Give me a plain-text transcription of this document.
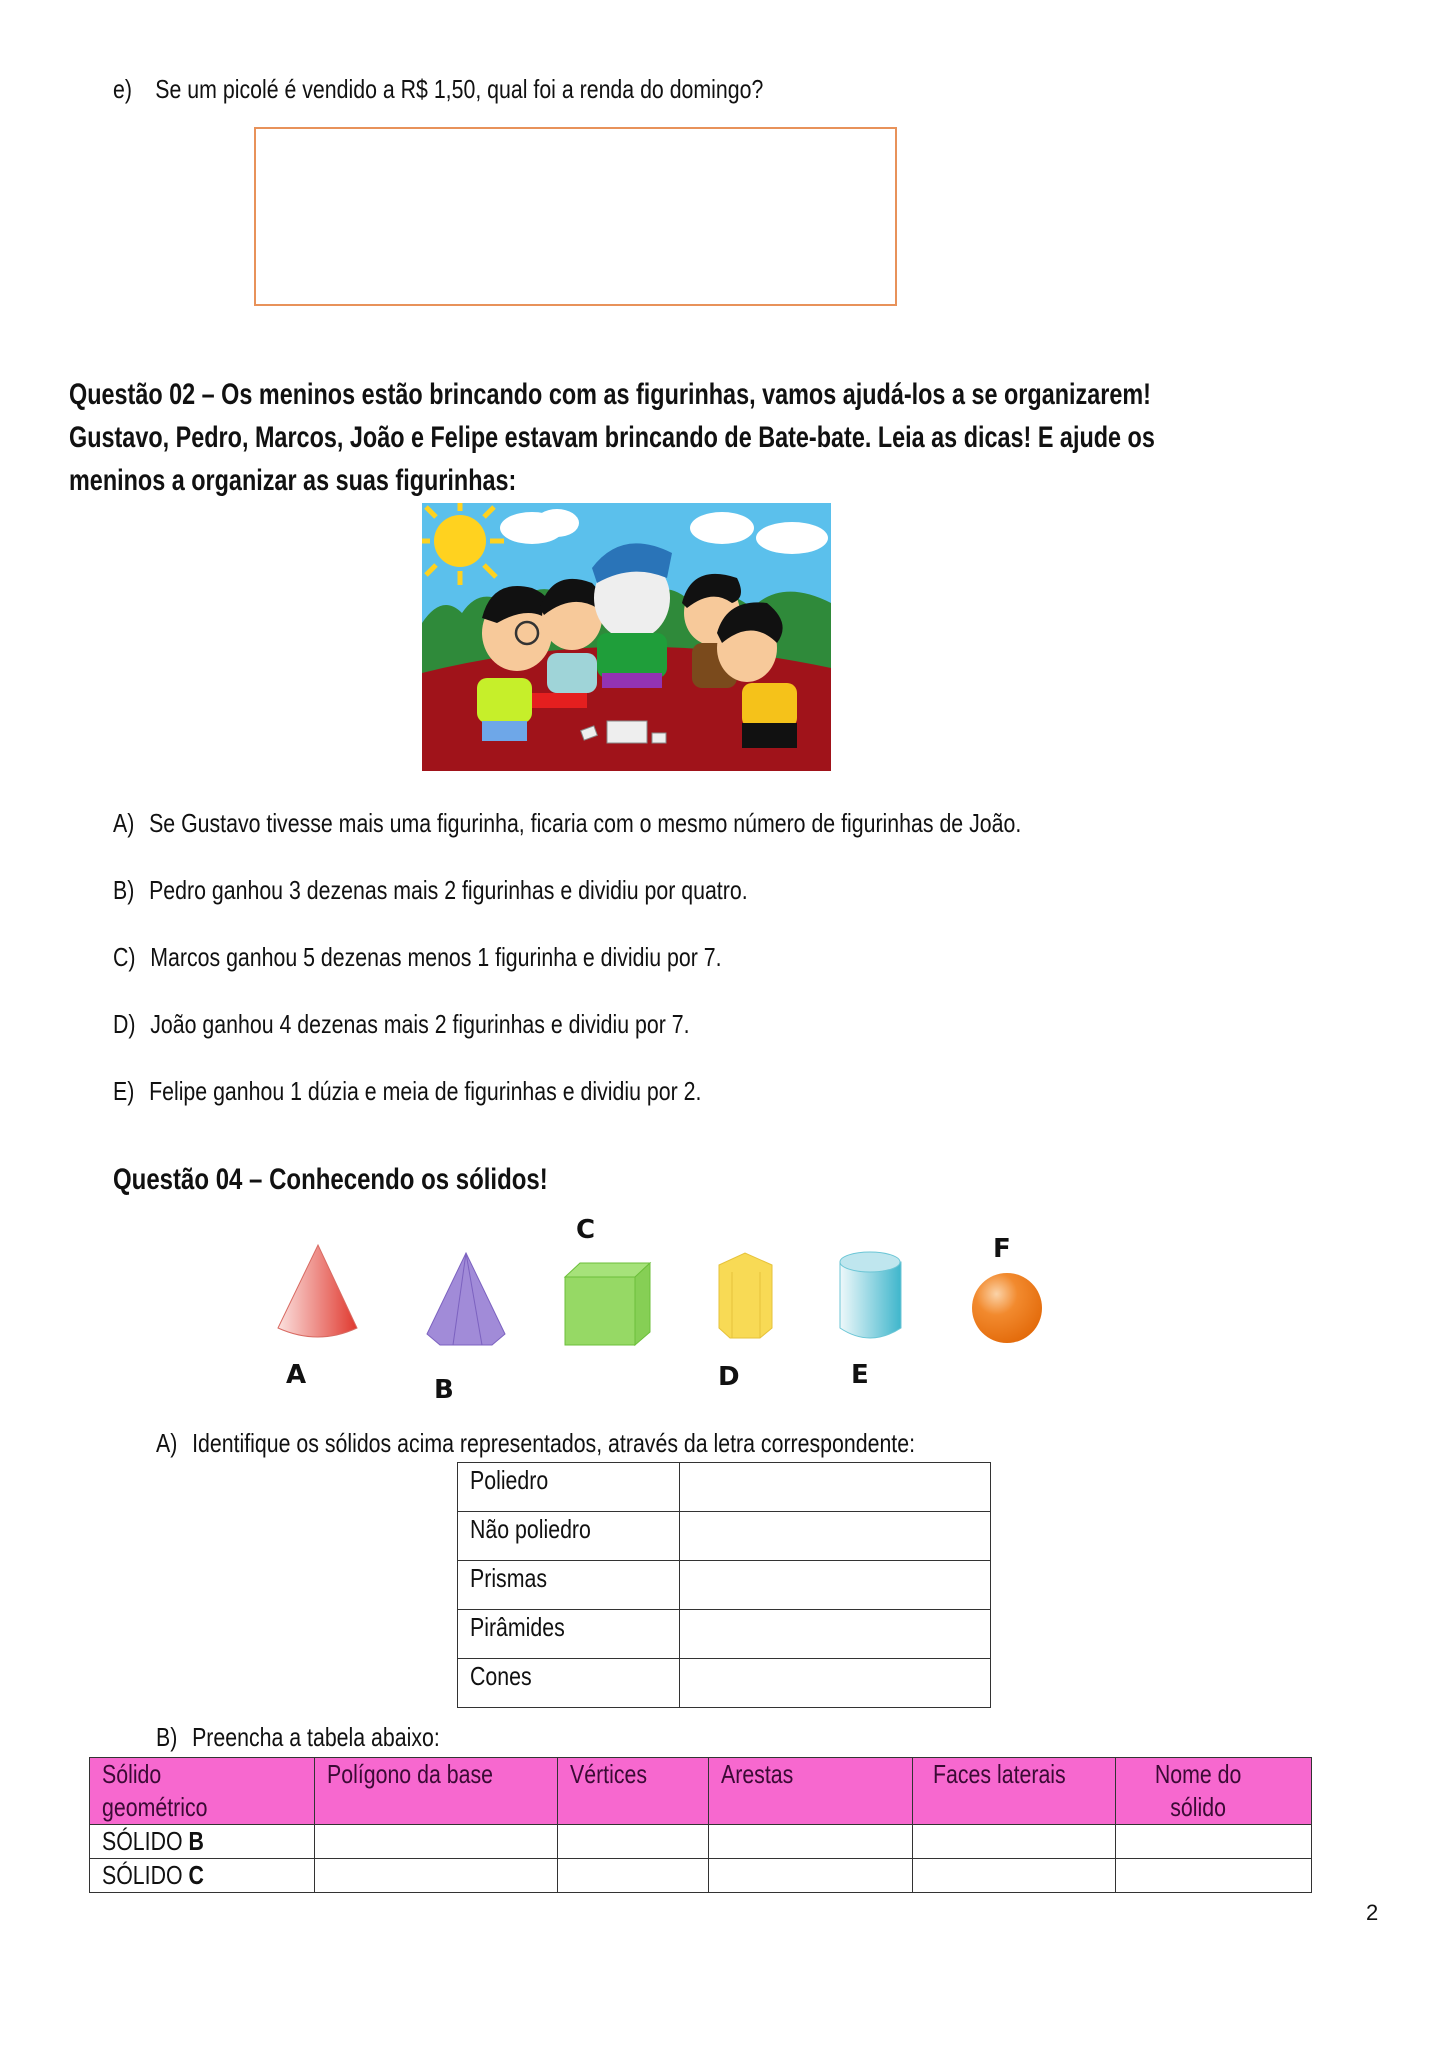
e) Se um picolé é vendido a R$ 1,50, qual foi a renda do domingo?
Questão 02 – Os meninos estão brincando com as figurinhas, vamos ajudá-los a se organizarem!
Gustavo, Pedro, Marcos, João e Felipe estavam brincando de Bate-bate. Leia as dicas! E ajude os
meninos a organizar as suas figurinhas:
A) Se Gustavo tivesse mais uma figurinha, ficaria com o mesmo número de figurinhas de João.
B) Pedro ganhou 3 dezenas mais 2 figurinhas e dividiu por quatro.
C) Marcos ganhou 5 dezenas menos 1 figurinha e dividiu por 7.
D) João ganhou 4 dezenas mais 2 figurinhas e dividiu por 7.
E) Felipe ganhou 1 dúzia e meia de figurinhas e dividiu por 2.
Questão 04 – Conhecendo os sólidos!
A	B
C
D	E
F
A) Identifique os sólidos acima representados, através da letra correspondente:
Poliedro	
Não poliedro	
Prismas	
Pirâmides	
Cones	
B) Preencha a tabela abaixo:
Sólido geométrico	Polígono da base	Vértices	Arestas	Faces laterais	Nome do sólido
SÓLIDO B					
SÓLIDO C					
2
